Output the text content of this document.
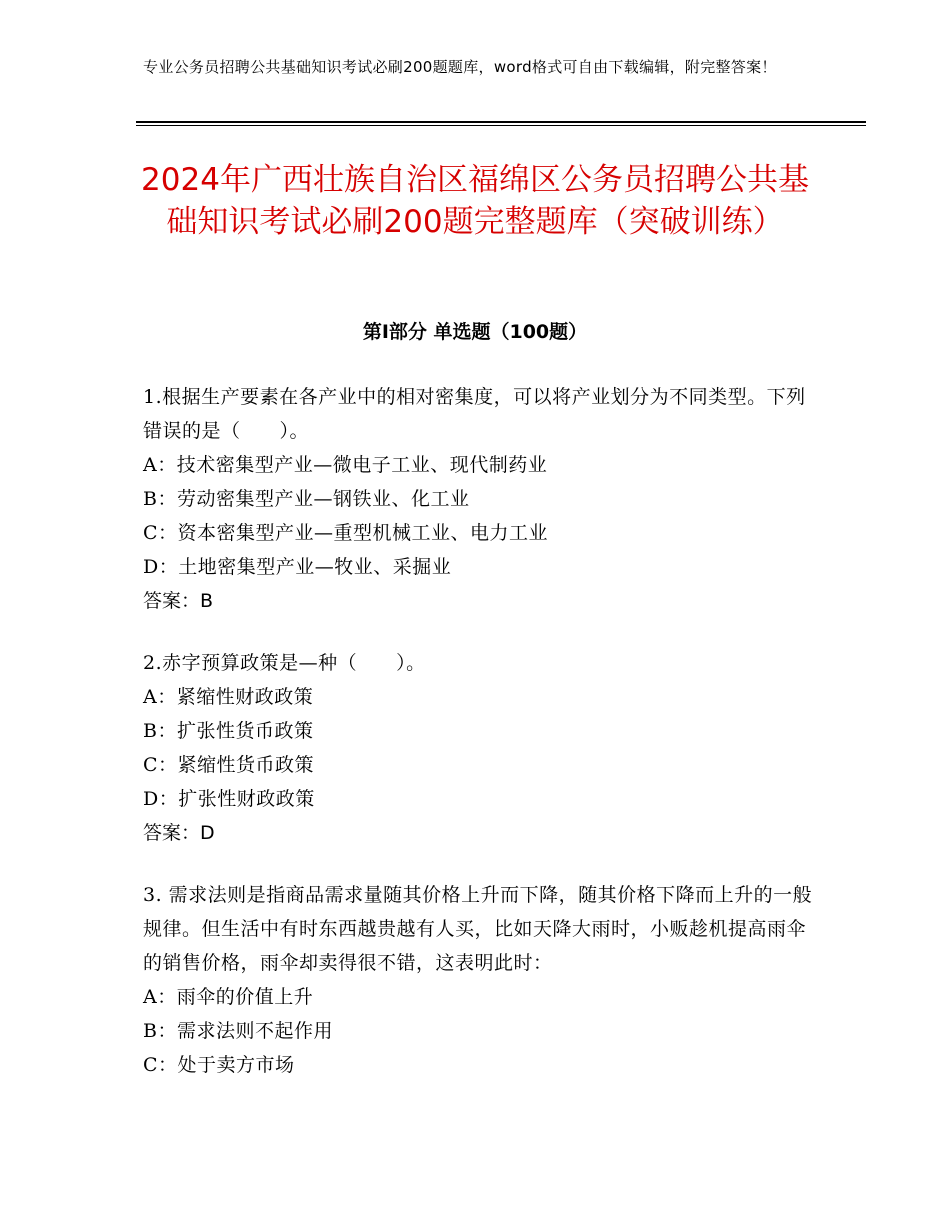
专业公务员招聘公共基础知识考试必刷200题题库，word格式可自由下载编辑，附完整答案！
2024年广西壮族自治区福绵区公务员招聘公共基础知识考试必刷200题完整题库（突破训练）
第Ⅰ部分 单选题（100题）
1.根据生产要素在各产业中的相对密集度，可以将产业划分为不同类型。下列错误的是（　　）。
A：技术密集型产业—微电子工业、现代制药业
B：劳动密集型产业—钢铁业、化工业
C：资本密集型产业—重型机械工业、电力工业
D：土地密集型产业—牧业、采掘业
答案：B
2.赤字预算政策是—种（　　）。
A：紧缩性财政政策
B：扩张性货币政策
C：紧缩性货币政策
D：扩张性财政政策
答案：D
3. 需求法则是指商品需求量随其价格上升而下降，随其价格下降而上升的一般规律。但生活中有时东西越贵越有人买，比如天降大雨时，小贩趁机提高雨伞的销售价格，雨伞却卖得很不错，这表明此时：
A：雨伞的价值上升
B：需求法则不起作用
C：处于卖方市场
